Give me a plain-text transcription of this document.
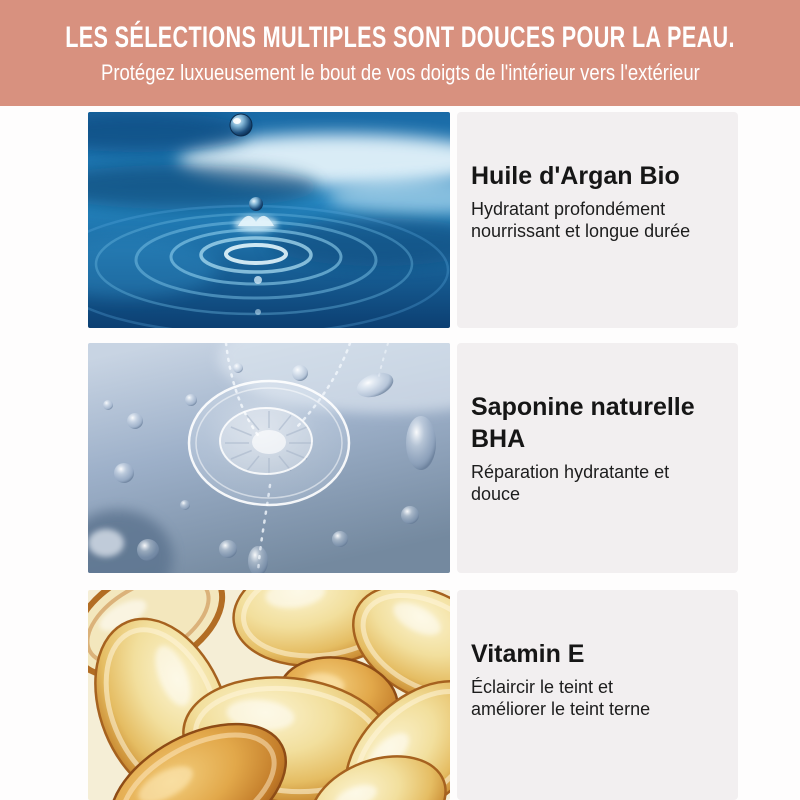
LES SÉLECTIONS MULTIPLES SONT DOUCES POUR LA PEAU.

Protégez luxueusement le bout de vos doigts de l'intérieur vers l'extérieur

Huile d'Argan Bio

Hydratant profondément nourrissant et longue durée

Saponine naturelle BHA

Réparation hydratante et douce

Vitamin E

Éclaircir le teint et améliorer le teint terne
